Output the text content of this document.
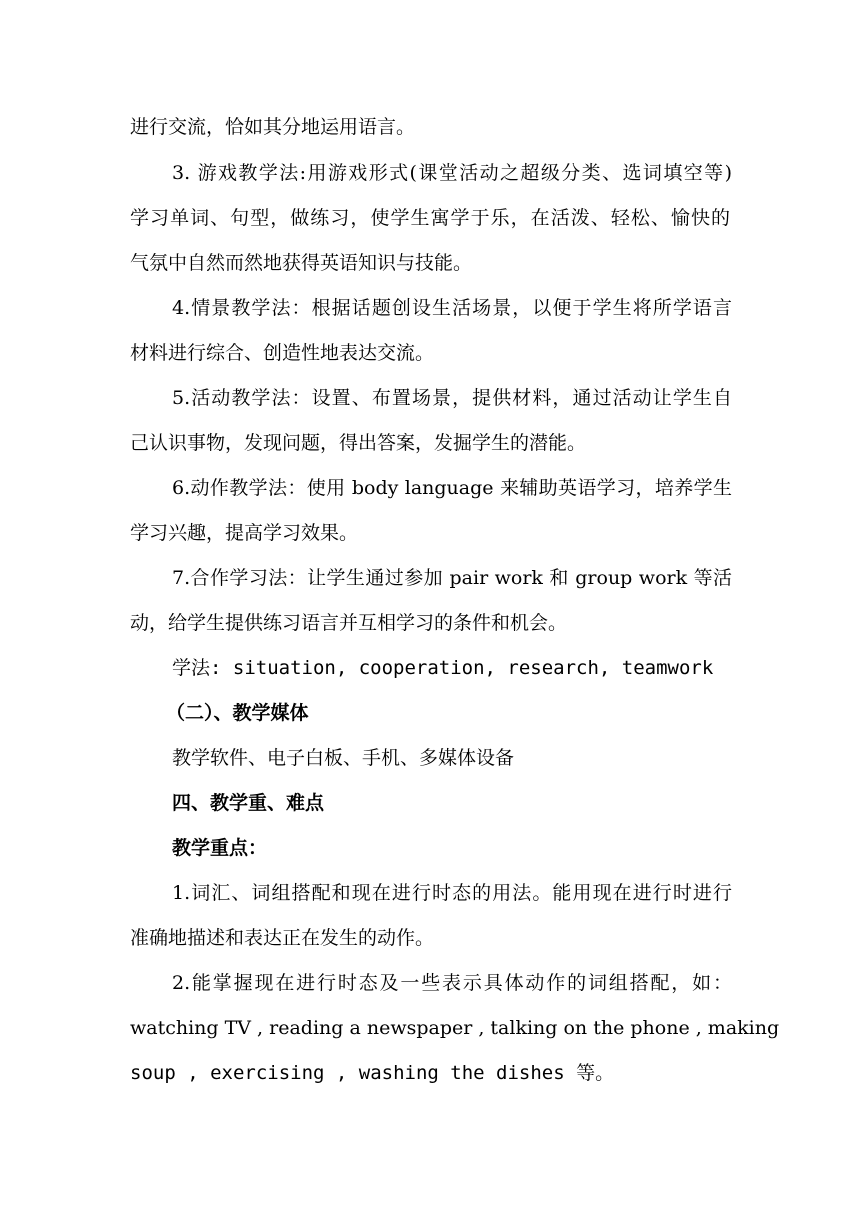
进行交流，恰如其分地运用语言。
3. 游戏教学法:用游戏形式(课堂活动之超级分类、选词填空等)
学习单词、句型，做练习，使学生寓学于乐，在活泼、轻松、愉快的
气氛中自然而然地获得英语知识与技能。
4.情景教学法：根据话题创设生活场景，以便于学生将所学语言
材料进行综合、创造性地表达交流。
5.活动教学法：设置、布置场景，提供材料，通过活动让学生自
己认识事物，发现问题，得出答案，发掘学生的潜能。
6.动作教学法：使用 body language 来辅助英语学习，培养学生
学习兴趣，提高学习效果。
7.合作学习法：让学生通过参加 pair work 和 group work 等活
动，给学生提供练习语言并互相学习的条件和机会。
学法: situation, cooperation, research, teamwork
（二）、教学媒体
教学软件、电子白板、手机、多媒体设备
四、教学重、难点
教学重点：
1.词汇、词组搭配和现在进行时态的用法。能用现在进行时进行
准确地描述和表达正在发生的动作。
2.能掌握现在进行时态及一些表示具体动作的词组搭配，如：
watching TV , reading a newspaper , talking on the phone , making
soup , exercising , washing the dishes 等。
